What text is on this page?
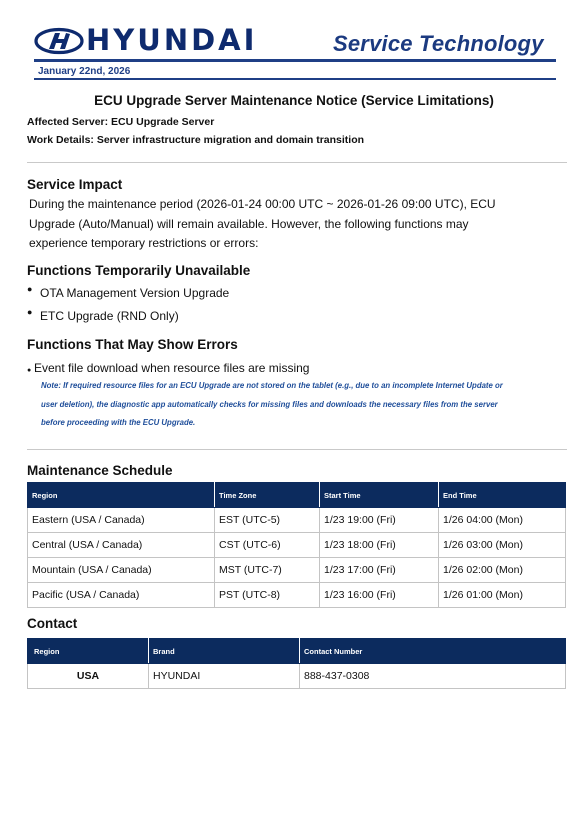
HYUNDAI	Service Technology
January 22nd, 2026
ECU Upgrade Server Maintenance Notice (Service Limitations)
Affected Server: ECU Upgrade Server
Work Details: Server infrastructure migration and domain transition
Service Impact
During the maintenance period (2026-01-24 00:00 UTC ~ 2026-01-26 09:00 UTC), ECU
Upgrade (Auto/Manual) will remain available. However, the following functions may
experience temporary restrictions or errors:
Functions Temporarily Unavailable
● OTA Management Version Upgrade
● ETC Upgrade (RND Only)
Functions That May Show Errors
● Event file download when resource files are missing
Note: If required resource files for an ECU Upgrade are not stored on the tablet (e.g., due to an incomplete Internet Update or
user deletion), the diagnostic app automatically checks for missing files and downloads the necessary files from the server
before proceeding with the ECU Upgrade.
Maintenance Schedule
Region	Time Zone	Start Time	End Time
Eastern (USA / Canada)	EST (UTC-5)	1/23 19:00 (Fri)	1/26 04:00 (Mon)
Central (USA / Canada)	CST (UTC-6)	1/23 18:00 (Fri)	1/26 03:00 (Mon)
Mountain (USA / Canada)	MST (UTC-7)	1/23 17:00 (Fri)	1/26 02:00 (Mon)
Pacific (USA / Canada)	PST (UTC-8)	1/23 16:00 (Fri)	1/26 01:00 (Mon)
Contact
Region	Brand	Contact Number
USA	HYUNDAI	888-437-0308
